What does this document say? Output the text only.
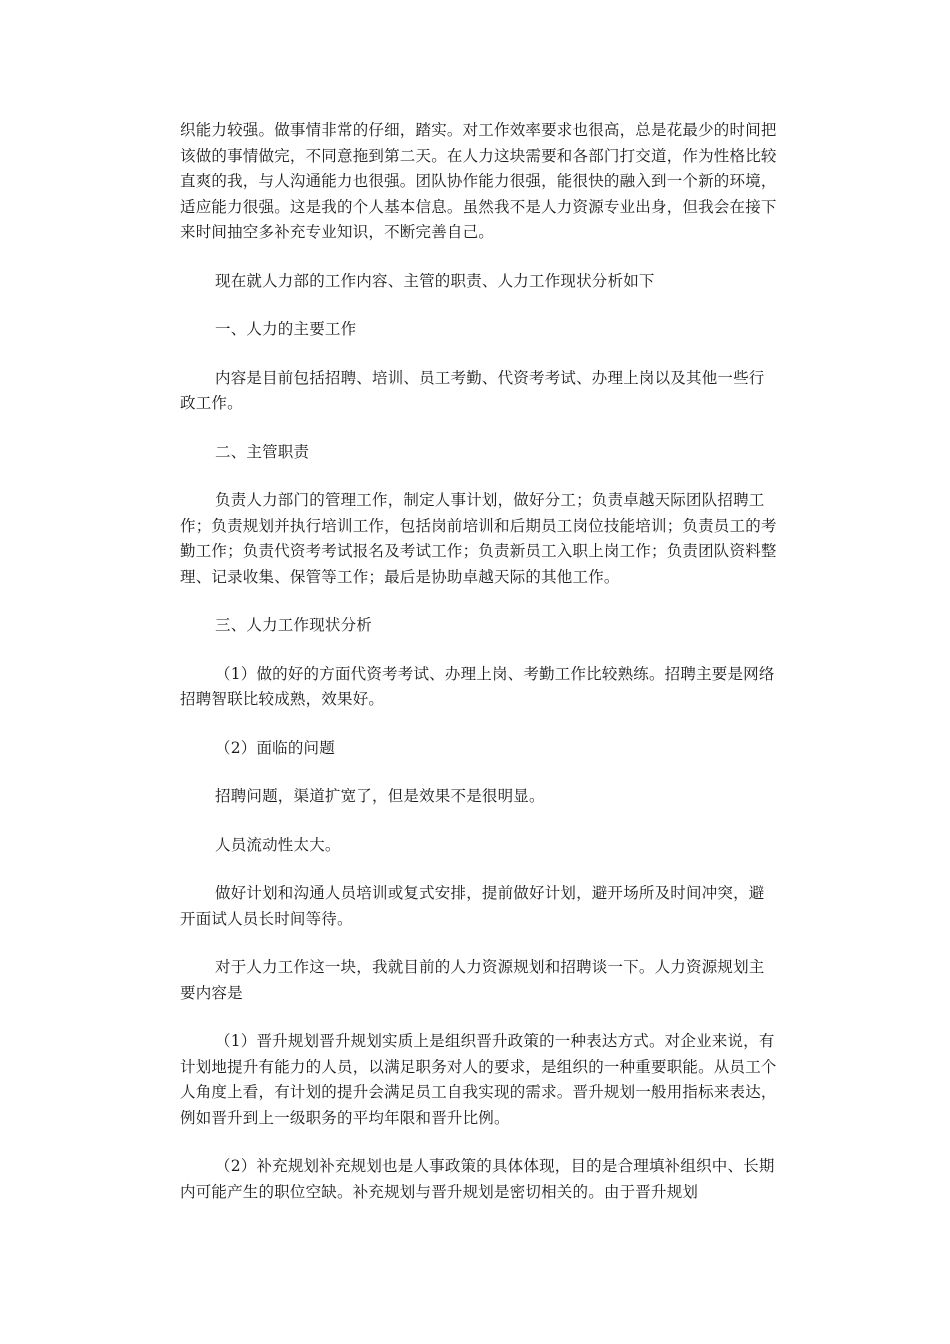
织能力较强。做事情非常的仔细，踏实。对工作效率要求也很高，总是花最少的时间把该做的事情做完，不同意拖到第二天。在人力这块需要和各部门打交道，作为性格比较直爽的我，与人沟通能力也很强。团队协作能力很强，能很快的融入到一个新的环境，适应能力很强。这是我的个人基本信息。虽然我不是人力资源专业出身，但我会在接下来时间抽空多补充专业知识，不断完善自己。

现在就人力部的工作内容、主管的职责、人力工作现状分析如下

一、人力的主要工作

内容是目前包括招聘、培训、员工考勤、代资考考试、办理上岗以及其他一些行政工作。

二、主管职责

负责人力部门的管理工作，制定人事计划，做好分工；负责卓越天际团队招聘工作；负责规划并执行培训工作，包括岗前培训和后期员工岗位技能培训；负责员工的考勤工作；负责代资考考试报名及考试工作；负责新员工入职上岗工作；负责团队资料整理、记录收集、保管等工作；最后是协助卓越天际的其他工作。

三、人力工作现状分析

（1）做的好的方面代资考考试、办理上岗、考勤工作比较熟练。招聘主要是网络招聘智联比较成熟，效果好。

（2）面临的问题

招聘问题，渠道扩宽了，但是效果不是很明显。

人员流动性太大。

做好计划和沟通人员培训或复式安排，提前做好计划，避开场所及时间冲突，避开面试人员长时间等待。

对于人力工作这一块，我就目前的人力资源规划和招聘谈一下。人力资源规划主要内容是

（1）晋升规划晋升规划实质上是组织晋升政策的一种表达方式。对企业来说，有计划地提升有能力的人员，以满足职务对人的要求，是组织的一种重要职能。从员工个人角度上看，有计划的提升会满足员工自我实现的需求。晋升规划一般用指标来表达，例如晋升到上一级职务的平均年限和晋升比例。

（2）补充规划补充规划也是人事政策的具体体现，目的是合理填补组织中、长期内可能产生的职位空缺。补充规划与晋升规划是密切相关的。由于晋升规划
